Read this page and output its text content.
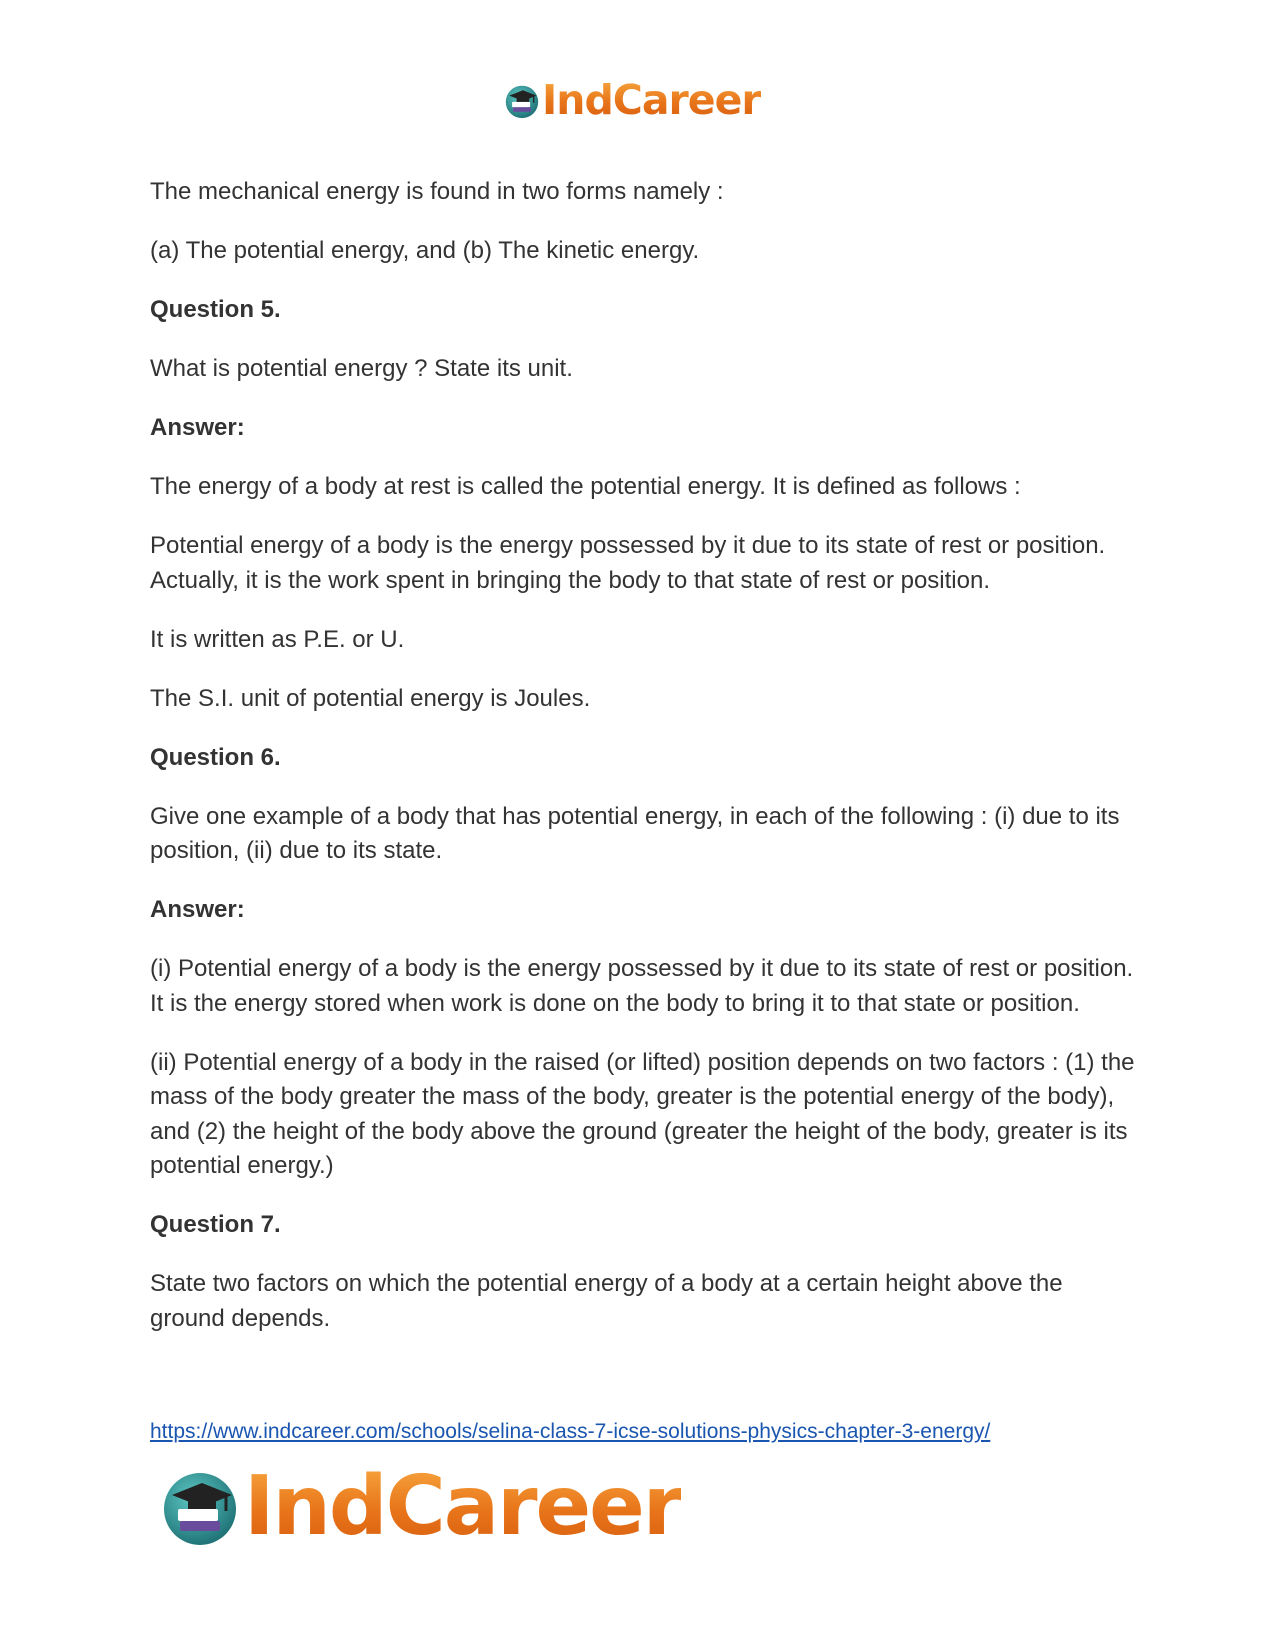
IndCareer

The mechanical energy is found in two forms namely :

(a) The potential energy, and (b) The kinetic energy.

Question 5.

What is potential energy ? State its unit.

Answer:

The energy of a body at rest is called the potential energy. It is defined as follows :

Potential energy of a body is the energy possessed by it due to its state of rest or position. Actually, it is the work spent in bringing the body to that state of rest or position.

It is written as P.E. or U.

The S.I. unit of potential energy is Joules.

Question 6.

Give one example of a body that has potential energy, in each of the following : (i) due to its position, (ii) due to its state.

Answer:

(i) Potential energy of a body is the energy possessed by it due to its state of rest or position. It is the energy stored when work is done on the body to bring it to that state or position.

(ii) Potential energy of a body in the raised (or lifted) position depends on two factors : (1) the mass of the body greater the mass of the body, greater is the potential energy of the body), and (2) the height of the body above the ground (greater the height of the body, greater is its potential energy.)

Question 7.

State two factors on which the potential energy of a body at a certain height above the ground depends.

https://www.indcareer.com/schools/selina-class-7-icse-solutions-physics-chapter-3-energy/
IndCareer
